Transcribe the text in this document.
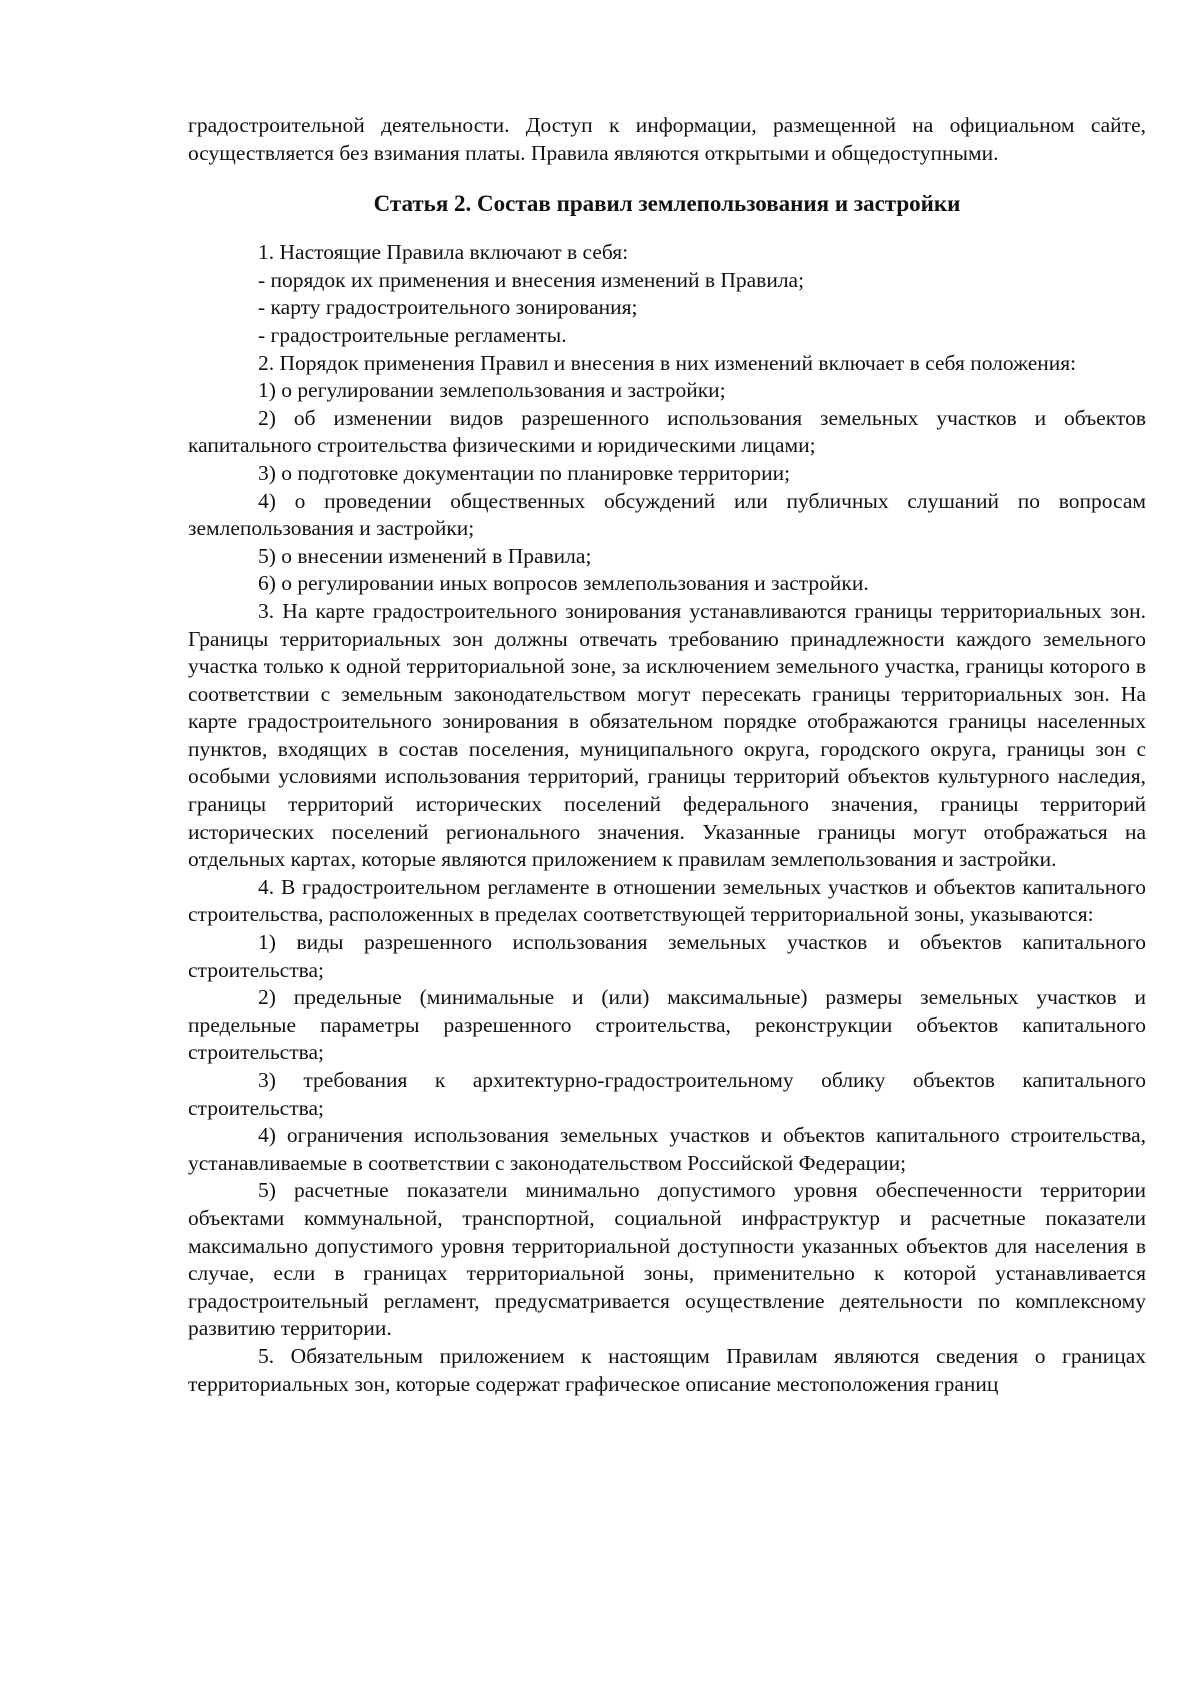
градостроительной деятельности. Доступ к информации, размещенной на официальном сайте, осуществляется без взимания платы. Правила являются открытыми и общедоступными.

Статья 2. Состав правил землепользования и застройки

1. Настоящие Правила включают в себя:

- порядок их применения и внесения изменений в Правила;

- карту градостроительного зонирования;

- градостроительные регламенты.

2. Порядок применения Правил и внесения в них изменений включает в себя положения:

1) о регулировании землепользования и застройки;

2) об изменении видов разрешенного использования земельных участков и объектов капитального строительства физическими и юридическими лицами;

3) о подготовке документации по планировке территории;

4) о проведении общественных обсуждений или публичных слушаний по вопросам землепользования и застройки;

5) о внесении изменений в Правила;

6) о регулировании иных вопросов землепользования и застройки.

3. На карте градостроительного зонирования устанавливаются границы территориальных зон. Границы территориальных зон должны отвечать требованию принадлежности каждого земельного участка только к одной территориальной зоне, за исключением земельного участка, границы которого в соответствии с земельным законодательством могут пересекать границы территориальных зон. На карте градостроительного зонирования в обязательном порядке отображаются границы населенных пунктов, входящих в состав поселения, муниципального округа, городского округа, границы зон с особыми условиями использования территорий, границы территорий объектов культурного наследия, границы территорий исторических поселений федерального значения, границы территорий исторических поселений регионального значения. Указанные границы могут отображаться на отдельных картах, которые являются приложением к правилам землепользования и застройки.

4. В градостроительном регламенте в отношении земельных участков и объектов капитального строительства, расположенных в пределах соответствующей территориальной зоны, указываются:

1) виды разрешенного использования земельных участков и объектов капитального строительства;

2) предельные (минимальные и (или) максимальные) размеры земельных участков и предельные параметры разрешенного строительства, реконструкции объектов капитального строительства;

3) требования к архитектурно-градостроительному облику объектов капитального строительства;

4) ограничения использования земельных участков и объектов капитального строительства, устанавливаемые в соответствии с законодательством Российской Федерации;

5) расчетные показатели минимально допустимого уровня обеспеченности территории объектами коммунальной, транспортной, социальной инфраструктур и расчетные показатели максимально допустимого уровня территориальной доступности указанных объектов для населения в случае, если в границах территориальной зоны, применительно к которой устанавливается градостроительный регламент, предусматривается осуществление деятельности по комплексному развитию территории.

5. Обязательным приложением к настоящим Правилам являются сведения о границах территориальных зон, которые содержат графическое описание местоположения границ
